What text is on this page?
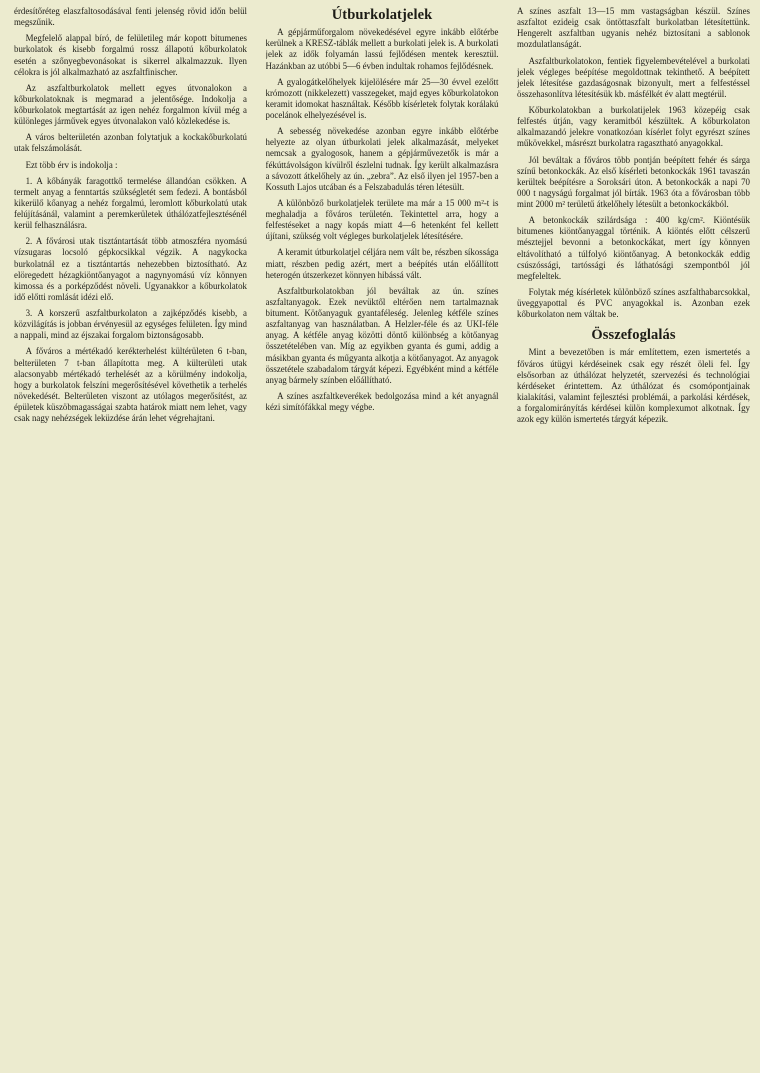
érdesítőréteg elaszfaltosodásával fenti jelenség rövid időn belül megszűnik.

Megfelelő alappal bíró, de felületileg már kopott bitumenes burkolatok és kisebb forgalmú rossz állapotú kőburkolatok esetén a szőnyegbevonásokat is sikerrel alkalmazzuk. Ilyen célokra is jól alkalmazható az aszfaltfinischer.

Az aszfaltburkolatok mellett egyes útvonalokon a kőburkolatoknak is megmarad a jelentősége. Indokolja a kőburkolatok megtartását az igen nehéz forgalmon kívül még a különleges járművek egyes útvonalakon való közlekedése is.

A város belterületén azonban folytatjuk a kockakőburkolatú utak felszámolását.

Ezt több érv is indokolja :

1. A kőbányák faragottkő termelése állandóan csökken. A termelt anyag a fenntartás szükségletét sem fedezi. A bontásból kikerülő kőanyag a nehéz forgalmú, leromlott kőburkolatú utak felújításánál, valamint a peremkerületek úthálózatfejlesztésénél kerül felhasználásra.

2. A fővárosi utak tisztántartását több atmoszféra nyomású vízsugaras locsoló gépkocsikkal végzik. A nagykocka burkolatnál ez a tisztántartás nehezebben biztosítható. Az elöregedett hézagkiöntőanyagot a nagynyomású víz könnyen kimossa és a porképződést növeli. Ugyanakkor a kőburkolatok idő előtti romlását idézi elő.

3. A korszerű aszfaltburkolaton a zajképződés kisebb, a közvilágítás is jobban érvényesül az egységes felületen. Így mind a nappali, mind az éjszakai forgalom biztonságosabb.

A főváros a mértékadó kerékterhelést kültérületen 6 t-ban, belterületen 7 t-ban állapította meg. A külterületi utak alacsonyabb mértékadó terhelését az a körülmény indokolja, hogy a burkolatok felszíni megerősítésével követhetik a terhelés növekedését. Belterületen viszont az utólagos megerősítést, az épületek küszöbmagasságai szabta határok miatt nem lehet, vagy csak nagy nehézségek leküzdése árán lehet végrehajtani.

Útburkolatjelek

A gépjárműforgalom növekedésével egyre inkább előtérbe kerülnek a KRESZ-táblák mellett a burkolati jelek is. A burkolati jelek az idők folyamán lassú fejlődésen mentek keresztül. Hazánkban az utóbbi 5—6 évben indultak rohamos fejlődésnek.

A gyalogátkelőhelyek kijelölésére már 25—30 évvel ezelőtt krómozott (nikkelezett) vasszegeket, majd egyes kőburkolatokon keramit idomokat használtak. Később kísérletek folytak korálakú pocelánok elhelyezésével is.

A sebesség növekedése azonban egyre inkább előtérbe helyezte az olyan útburkolati jelek alkalmazását, melyeket nemcsak a gyalogosok, hanem a gépjárművezetők is már a fékúttávolságon kívülről észlelni tudnak. Így került alkalmazásra a sávozott átkelőhely az ún. „zebra”. Az első ilyen jel 1957-ben a Kossuth Lajos utcában és a Felszabadulás téren létesült.

A különböző burkolatjelek területe ma már a 15 000 m²-t is meghaladja a főváros területén. Tekintettel arra, hogy a felfestéseket a nagy kopás miatt 4—6 hetenként fel kellett újítani, szükség volt végleges burkolatjelek létesítésére.

A keramit útburkolatjel céljára nem vált be, részben síkossága miatt, részben pedig azért, mert a beépítés után előállított heterogén útszerkezet könnyen hibássá vált.

Aszfaltburkolatokban jól beváltak az ún. színes aszfaltanyagok. Ezek nevüktől eltérően nem tartalmaznak bitument. Kötőanyaguk gyantaféleség. Jelenleg kétféle színes aszfaltanyag van használatban. A Helzler-féle és az UKI-féle anyag. A kétféle anyag közötti döntő különbség a kötőanyag összetételében van. Míg az egyikben gyanta és gumi, addig a másikban gyanta és műgyanta alkotja a kötőanyagot. Az anyagok összetétele szabadalom tárgyát képezi. Egyébként mind a kétféle anyag bármely színben előállítható.

A színes aszfaltkeverékek bedolgozása mind a két anyagnál kézi simítófákkal megy végbe.

A színes aszfalt 13—15 mm vastagságban készül. Színes aszfaltot ezideig csak öntöttaszfalt burkolatban létesítettünk. Hengerelt aszfaltban ugyanis nehéz biztosítani a sablonok mozdulatlanságát.

Aszfaltburkolatokon, fentiek figyelembevételével a burkolati jelek végleges beépítése megoldottnak tekinthető. A beépített jelek létesítése gazdaságosnak bizonyult, mert a felfestéssel összehasonlítva létesítésük kb. másfélkét év alatt megtérül.

Kőburkolatokban a burkolatijelek 1963 közepéig csak felfestés útján, vagy keramitból készültek. A kőburkolaton alkalmazandó jelekre vonatkozóan kísérlet folyt egyrészt színes műkövekkel, másrészt burkolatra ragasztható anyagokkal.

Jól beváltak a főváros több pontján beépített fehér és sárga színű betonkockák. Az első kísérleti betonkockák 1961 tavaszán kerültek beépítésre a Soroksári úton. A betonkockák a napi 70 000 t nagyságú forgalmat jól bírták. 1963 óta a fővárosban több mint 2000 m² területű átkelőhely létesült a betonkockákból.

A betonkockák szilárdsága : 400 kg/cm². Kiöntésük bitumenes kiöntőanyaggal történik. A kiöntés előtt célszerű mésztejjel bevonni a betonkockákat, mert így könnyen eltávolítható a túlfolyó kiöntőanyag. A betonkockák eddig csúszóssági, tartóssági és láthatósági szempontból jól megfeleltek.

Folytak még kísérletek különböző színes aszfalthabarcsokkal, üveggyapottal és PVC anyagokkal is. Azonban ezek kőburkolaton nem váltak be.

Összefoglalás

Mint a bevezetőben is már említettem, ezen ismertetés a főváros útügyi kérdéseinek csak egy részét öleli fel. Így elsősorban az úthálózat helyzetét, szervezési és technológiai kérdéseket érintettem. Az úthálózat és csomópontjainak kialakítási, valamint fejlesztési problémái, a parkolási kérdések, a forgalomirányítás kérdései külön komplexumot alkotnak. Így azok egy külön ismertetés tárgyát képezik.
